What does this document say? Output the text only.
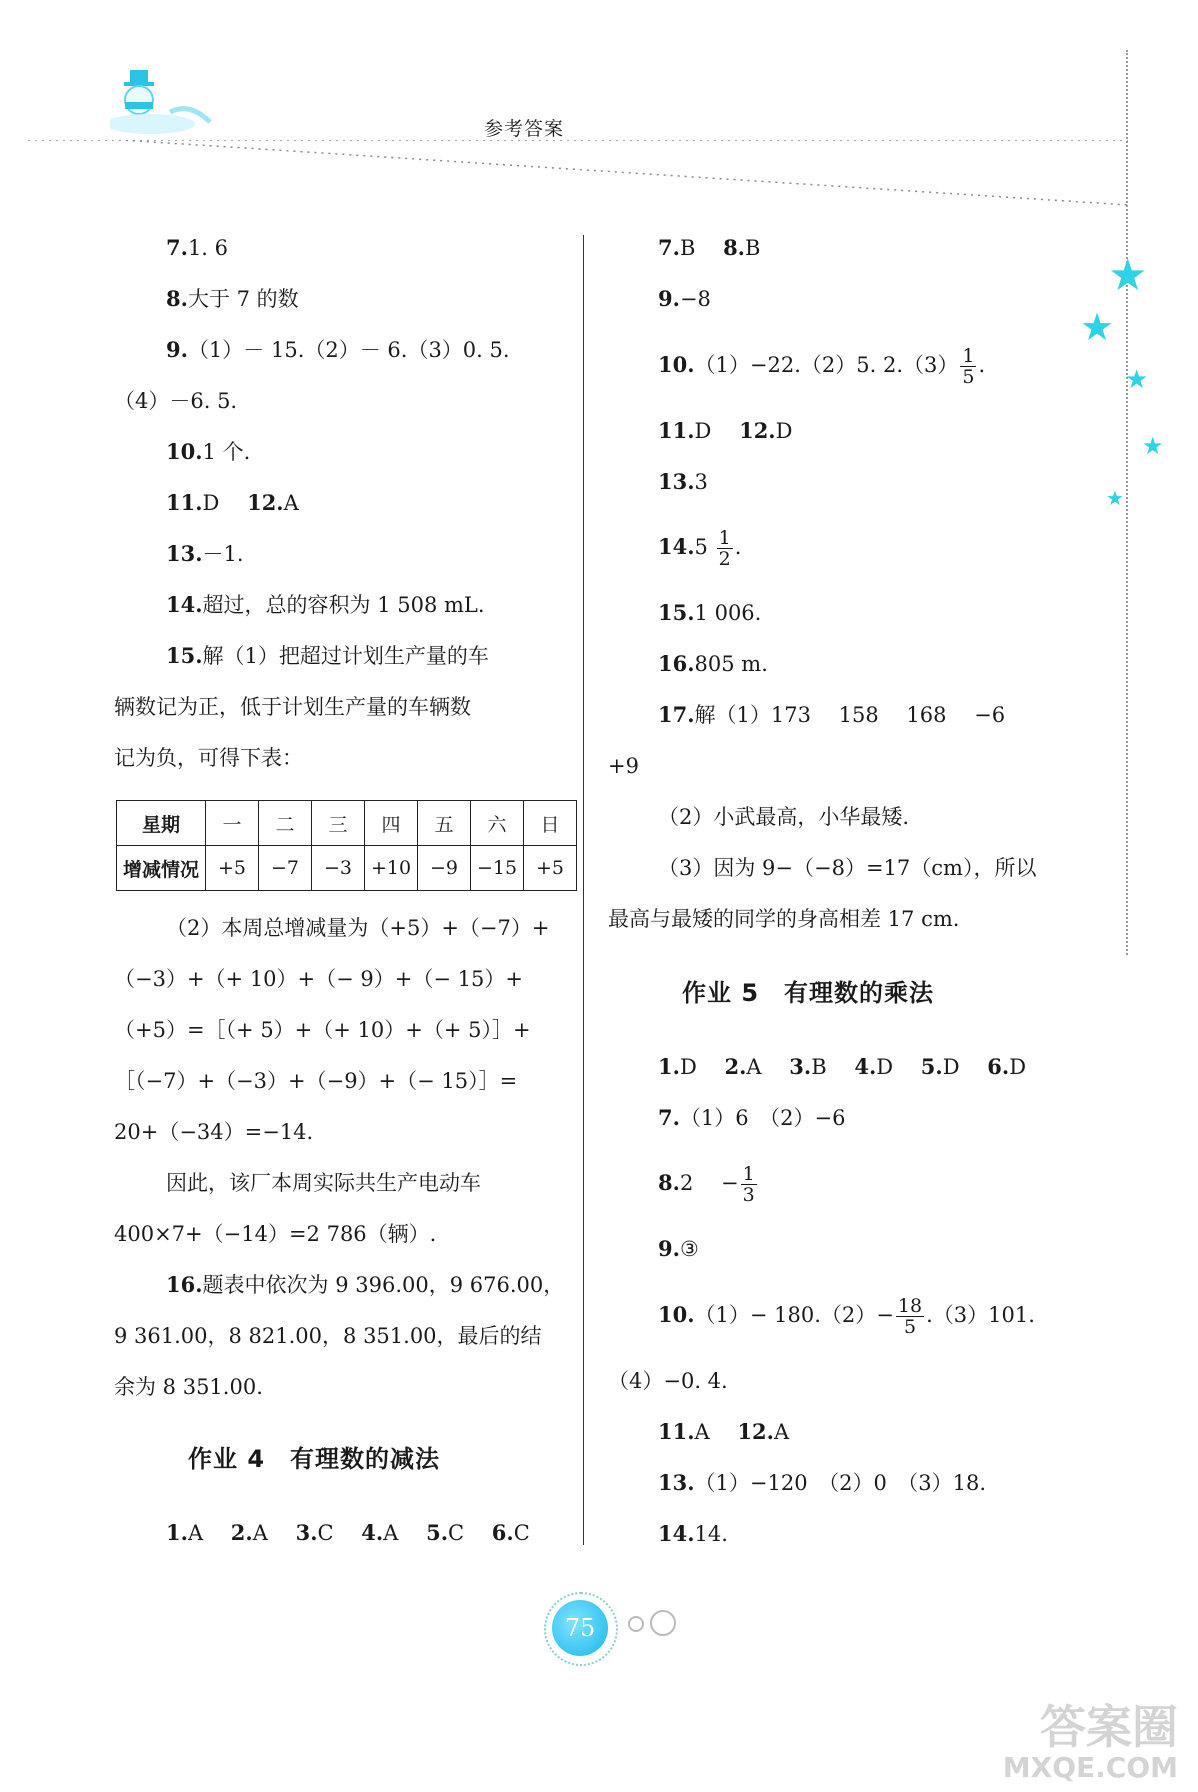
参考答案
★
★
★
★
★
7.1. 6
8.大于 7 的数
9.（1）－ 15.（2）－ 6.（3）0. 5.
（4）－6. 5.
10.1 个.
11.D　 12.A
13.－1.
14.超过，总的容积为 1 508 mL.
15.解（1）把超过计划生产量的车
辆数记为正，低于计划生产量的车辆数
记为负，可得下表：
星期	一	二	三	四	五	六	日
增减情况	+5	−7	−3	+10	−9	−15	+5
（2）本周总增减量为（+5）+（−7）+
（−3）+（+ 10）+（− 9）+（− 15）+
（+5）=［（+ 5）+（+ 10）+（+ 5）］+
［（−7）+（−3）+（−9）+（− 15）］=
20+（−34）=−14.
因此，该厂本周实际共生产电动车
400×7+（−14）=2 786（辆）.
16.题表中依次为 9 396.00，9 676.00，
9 361.00，8 821.00，8 351.00，最后的结
余为 8 351.00.
作业 4　有理数的减法
1.A　 2.A　 3.C　 4.A　 5.C　 6.C
7.B　 8.B
9.−8
10.（1）−22.（2）5. $2.(3) \frac{1}{5}$ .
11.D　 12.D
13.3
$14.5 \frac{1}{2}$ .
15.1 006.
16.805 m.
17.解（1）173　 158　 168　 −6
+9
（2）小武最高，小华最矮.
（3）因为 9−（−8）=17（cm），所以
最高与最矮的同学的身高相差 17 cm.
作业 5　有理数的乘法
1.D　 2.A　 3.B　 4.D　 5.D　 6.D
7.（1）6　（2）−6
8.2　 − $\frac{1}{3}$
9.③
$10.(1)- 180.(2)- \frac{18}{5} .(3)101$.
（4）−0. 4.
11.A　 12.A
13.（1）−120　（2）0　（3）18.
14.14.
75
答案圈
MXQE.COM
